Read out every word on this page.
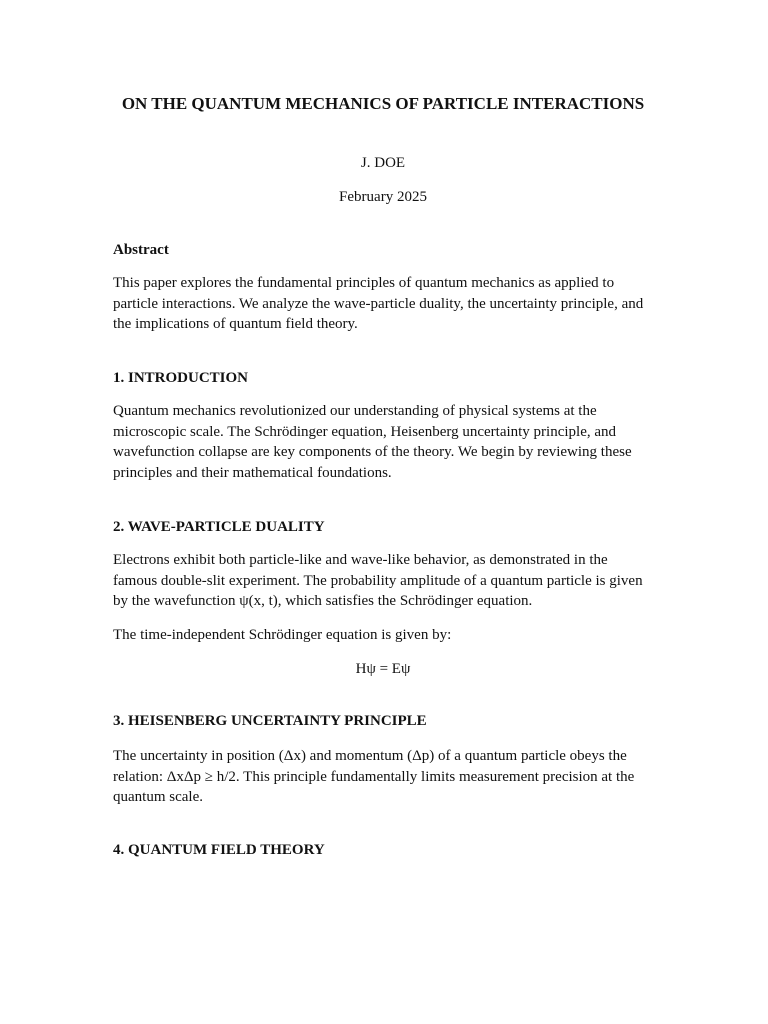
ON THE QUANTUM MECHANICS OF PARTICLE INTERACTIONS
J. DOE
February 2025
Abstract

This paper explores the fundamental principles of quantum mechanics as applied to particle interactions. We analyze the wave-particle duality, the uncertainty principle, and the implications of quantum field theory.

1. INTRODUCTION

Quantum mechanics revolutionized our understanding of physical systems at the microscopic scale. The Schrödinger equation, Heisenberg uncertainty principle, and wavefunction collapse are key components of the theory. We begin by reviewing these principles and their mathematical foundations.

2. WAVE-PARTICLE DUALITY

Electrons exhibit both particle-like and wave-like behavior, as demonstrated in the famous double-slit experiment. The probability amplitude of a quantum particle is given by the wavefunction ψ(x, t), which satisfies the Schrödinger equation.

The time-independent Schrödinger equation is given by:

Hψ = Eψ
3. HEISENBERG UNCERTAINTY PRINCIPLE

The uncertainty in position (Δx) and momentum (Δp) of a quantum particle obeys the relation: ΔxΔp ≥ h/2. This principle fundamentally limits measurement precision at the quantum scale.

4. QUANTUM FIELD THEORY
